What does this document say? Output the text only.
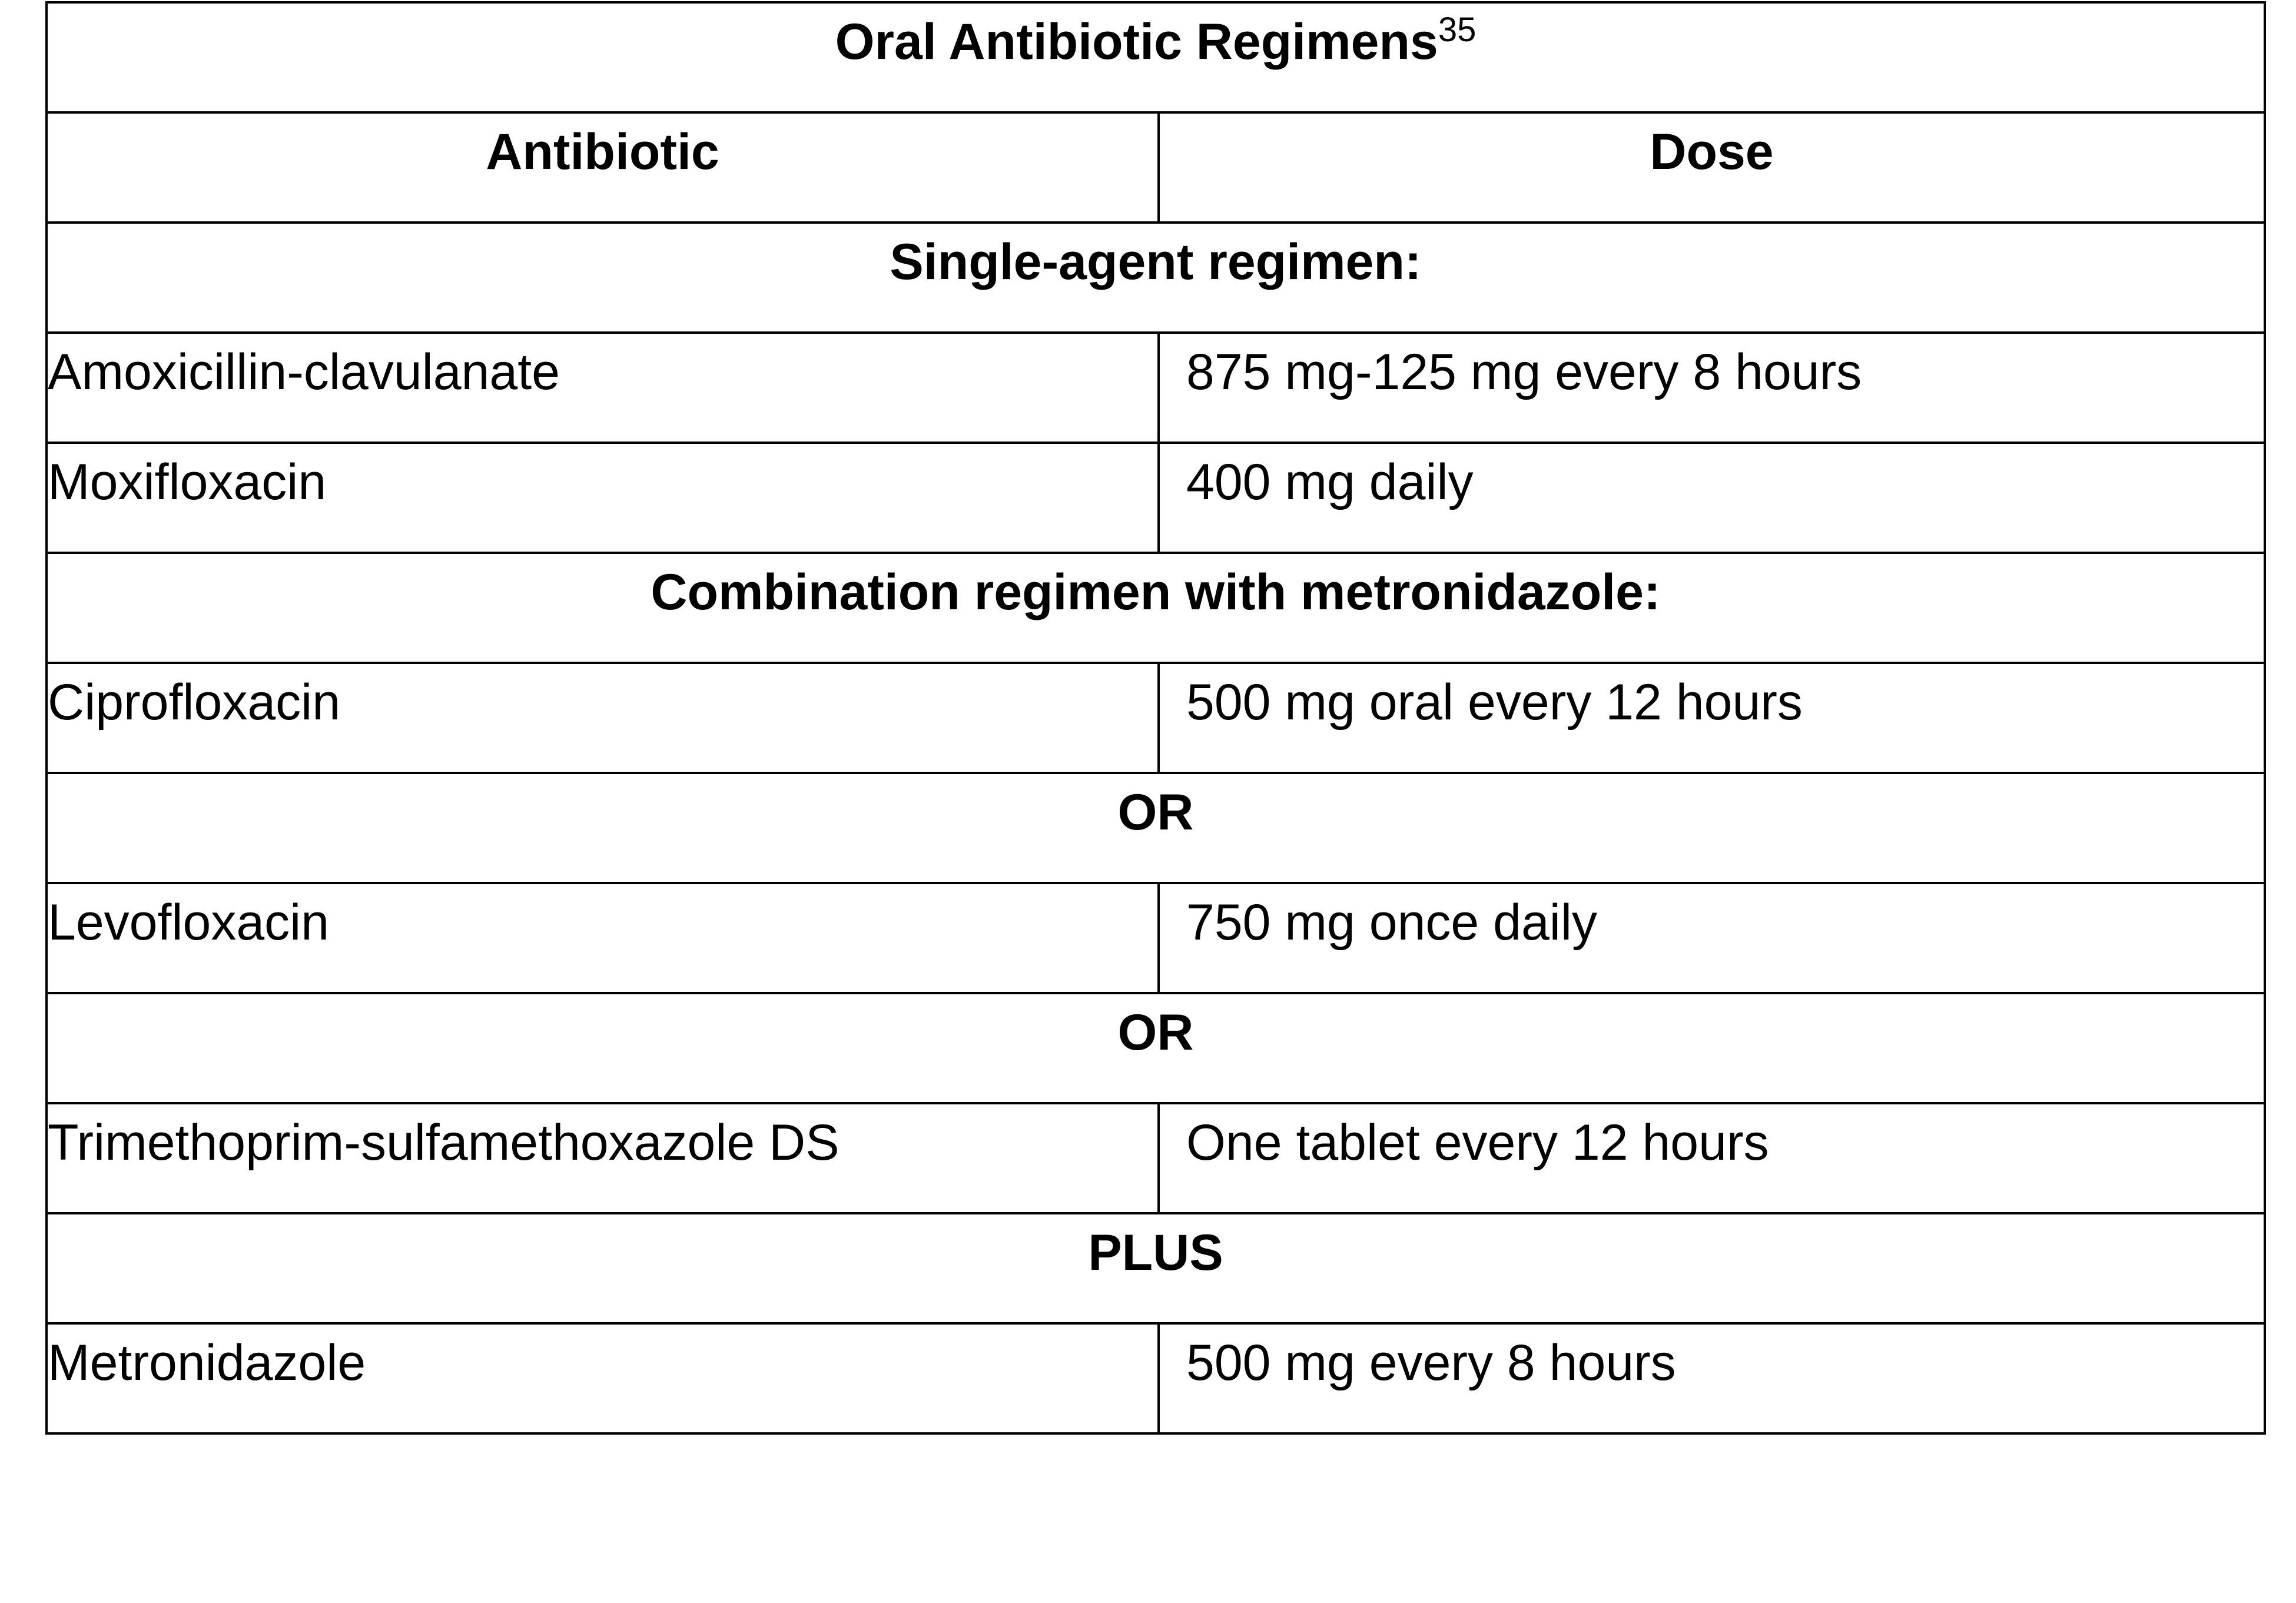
Oral Antibiotic Regimens$^{35}$
Antibiotic	Dose
Single-agent regimen:	
Amoxicillin-clavulanate	875 mg-125 mg every 8 hours
Moxifloxacin	400 mg daily
Combination regimen with metronidazole:	
Ciprofloxacin	500 mg oral every 12 hours
OR	
Levofloxacin	750 mg once daily
OR	
Trimethoprim-sulfamethoxazole DS	One tablet every 12 hours
PLUS	
Metronidazole	500 mg every 8 hours
